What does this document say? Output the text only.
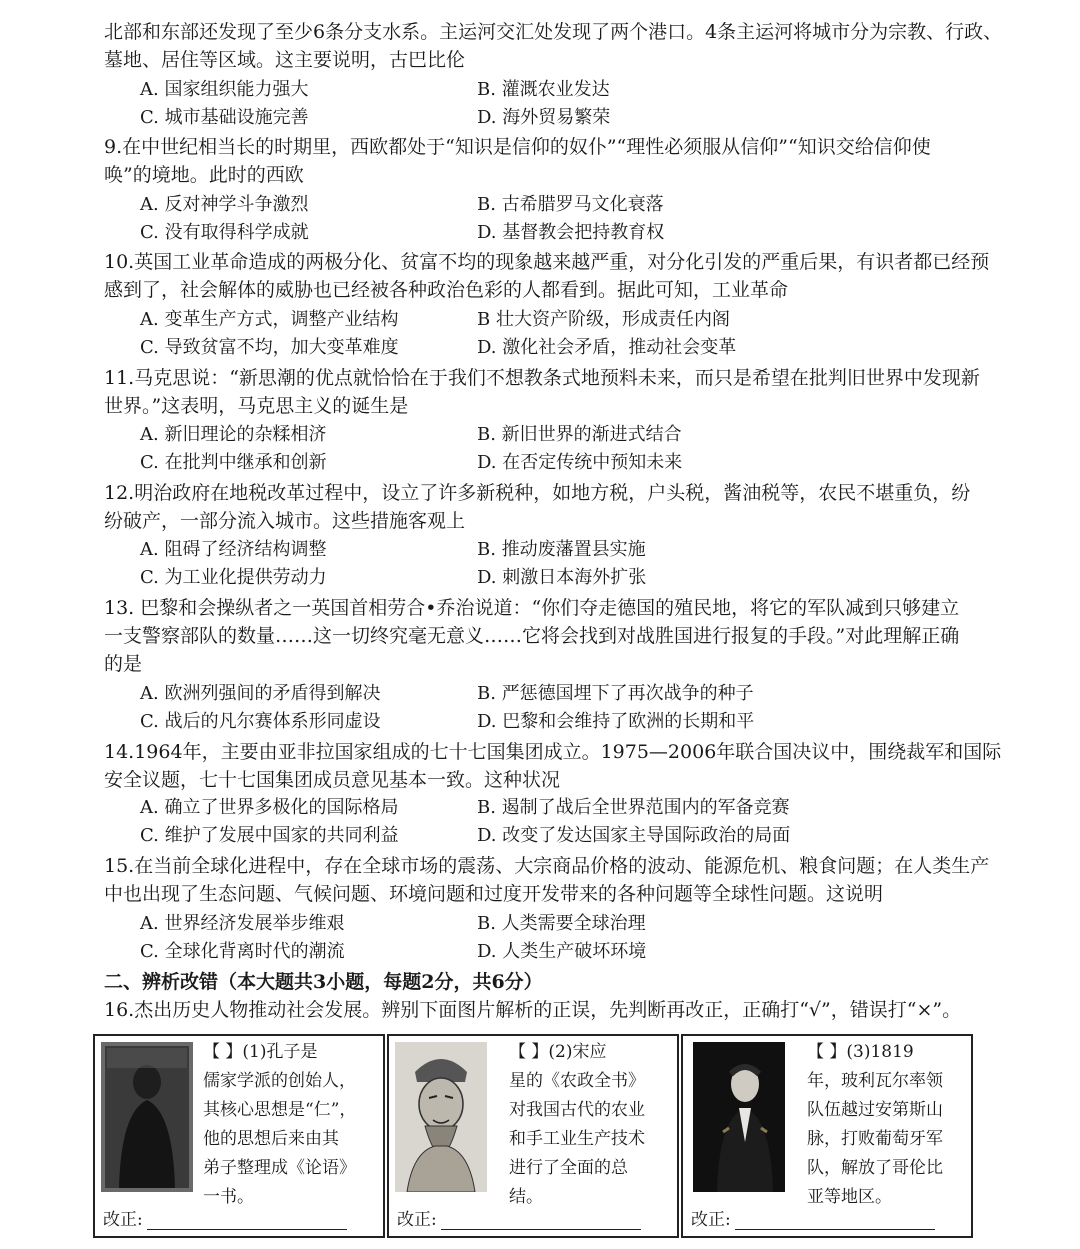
北部和东部还发现了至少6条分支水系。主运河交汇处发现了两个港口。4条主运河将城市分为宗教、行政、
墓地、居住等区域。这主要说明，古巴比伦
A. 国家组织能力强大	B. 灌溉农业发达
C. 城市基础设施完善	D. 海外贸易繁荣
9.在中世纪相当长的时期里，西欧都处于“知识是信仰的奴仆”“理性必须服从信仰”“知识交给信仰使
唤”的境地。此时的西欧
A. 反对神学斗争激烈	B. 古希腊罗马文化衰落
C. 没有取得科学成就	D. 基督教会把持教育权
10.英国工业革命造成的两极分化、贫富不均的现象越来越严重，对分化引发的严重后果，有识者都已经预
感到了，社会解体的威胁也已经被各种政治色彩的人都看到。据此可知，工业革命
A. 变革生产方式，调整产业结构	B 壮大资产阶级，形成责任内阁
C. 导致贫富不均，加大变革难度	D. 激化社会矛盾，推动社会变革
11.马克思说：“新思潮的优点就恰恰在于我们不想教条式地预料未来，而只是希望在批判旧世界中发现新
世界。”这表明，马克思主义的诞生是
A. 新旧理论的杂糅相济	B. 新旧世界的渐进式结合
C. 在批判中继承和创新	D. 在否定传统中预知未来
12.明治政府在地税改革过程中，设立了许多新税种，如地方税，户头税，酱油税等，农民不堪重负，纷
纷破产，一部分流入城市。这些措施客观上
A. 阻碍了经济结构调整	B. 推动废藩置县实施
C. 为工业化提供劳动力	D. 刺激日本海外扩张
13. 巴黎和会操纵者之一英国首相劳合•乔治说道：“你们夺走德国的殖民地，将它的军队减到只够建立
一支警察部队的数量……这一切终究毫无意义……它将会找到对战胜国进行报复的手段。”对此理解正确
的是
A. 欧洲列强间的矛盾得到解决	B. 严惩德国埋下了再次战争的种子
C. 战后的凡尔赛体系形同虚设	D. 巴黎和会维持了欧洲的长期和平
14.1964年，主要由亚非拉国家组成的七十七国集团成立。1975—2006年联合国决议中，围绕裁军和国际
安全议题，七十七国集团成员意见基本一致。这种状况
A. 确立了世界多极化的国际格局	B. 遏制了战后全世界范围内的军备竞赛
C. 维护了发展中国家的共同利益	D. 改变了发达国家主导国际政治的局面
15.在当前全球化进程中，存在全球市场的震荡、大宗商品价格的波动、能源危机、粮食问题；在人类生产
中也出现了生态问题、气候问题、环境问题和过度开发带来的各种问题等全球性问题。这说明
A. 世界经济发展举步维艰	B. 人类需要全球治理
C. 全球化背离时代的潮流	D. 人类生产破坏环境
二、辨析改错（本大题共3小题，每题2分，共6分）
16.杰出历史人物推动社会发展。辨别下面图片解析的正误，先判断再改正，正确打“√”，错误打“×”。
【 】(1)孔子是
儒家学派的创始人，
其核心思想是“仁”，
他的思想后来由其
弟子整理成《论语》
一书。
改正:
【 】(2)宋应
星的《农政全书》
对我国古代的农业
和手工业生产技术
进行了全面的总
结。
改正:
【 】(3)1819
年，玻利瓦尔率领
队伍越过安第斯山
脉，打败葡萄牙军
队，解放了哥伦比
亚等地区。
改正:
